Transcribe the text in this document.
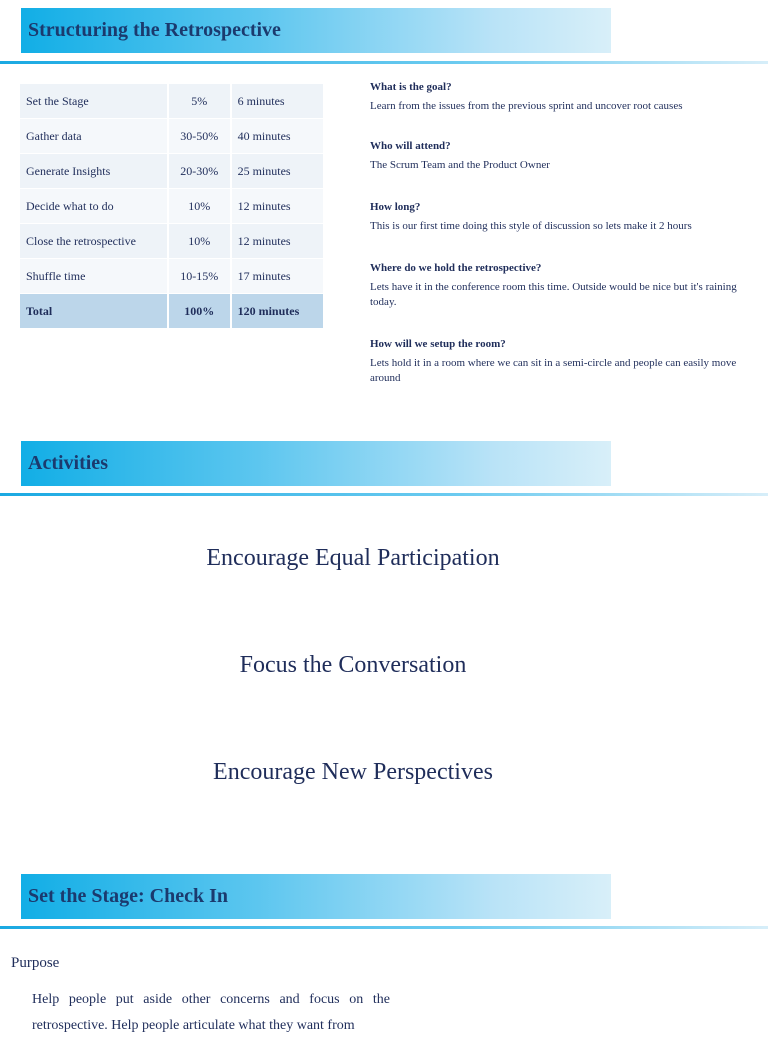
Structuring the Retrospective
Set the Stage	5%	6 minutes
Gather data	30-50%	40 minutes
Generate Insights	20-30%	25 minutes
Decide what to do	10%	12 minutes
Close the retrospective	10%	12 minutes
Shuffle time	10-15%	17 minutes
Total	100%	120 minutes

What is the goal?

Learn from the issues from the previous sprint and uncover root causes

Who will attend?

The Scrum Team and the Product Owner

How long?

This is our first time doing this style of discussion so lets make it 2 hours

Where do we hold the retrospective?

Lets have it in the conference room this time. Outside would be nice but it's raining today.

How will we setup the room?

Lets hold it in a room where we can sit in a semi-circle and people can easily move around

Activities
Encourage Equal Participation
Focus the Conversation
Encourage New Perspectives
Set the Stage: Check In
Purpose
Help people put aside other concerns and focus on the retrospective. Help people articulate what they want from
